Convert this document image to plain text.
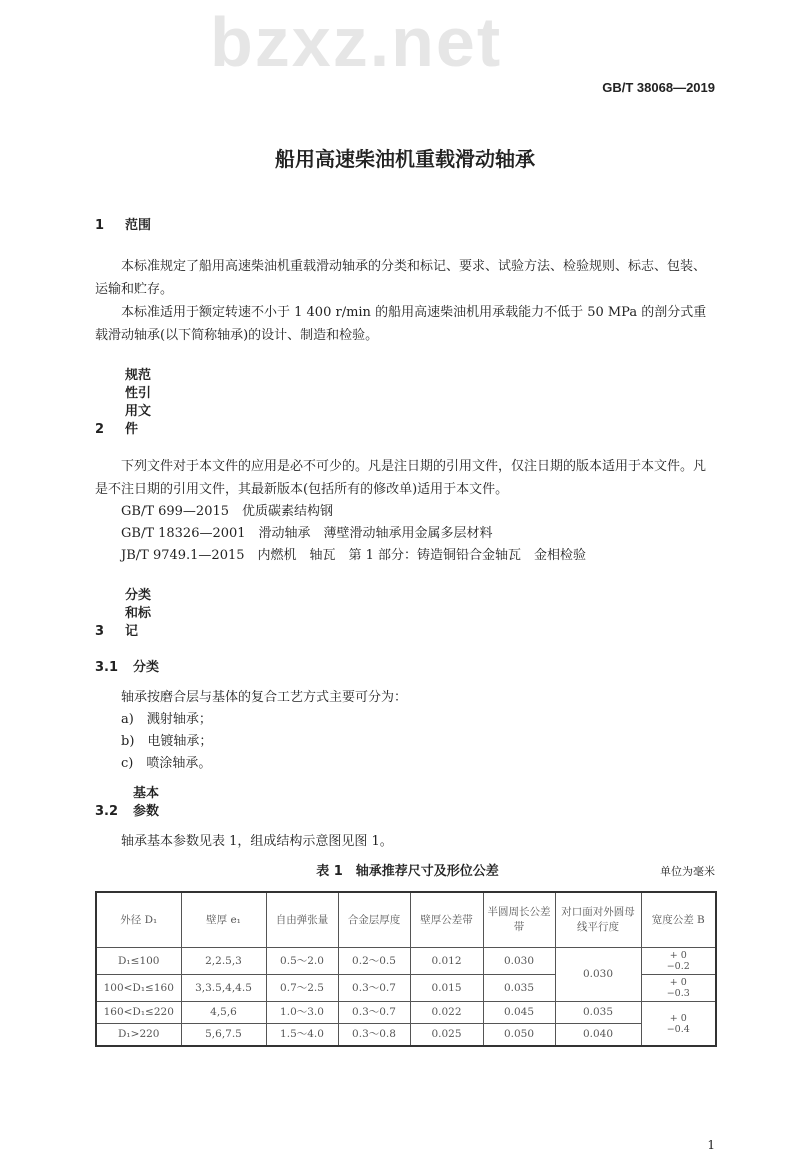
bzxz.net
GB/T 38068—2019
船用高速柴油机重载滑动轴承
1 范围
本标准规定了船用高速柴油机重载滑动轴承的分类和标记、要求、试验方法、检验规则、标志、包装、运输和贮存。
本标准适用于额定转速不小于 1 400 r/min 的船用高速柴油机用承载能力不低于 50 MPa 的剖分式重载滑动轴承(以下简称轴承)的设计、制造和检验。
2规范性引用文件
下列文件对于本文件的应用是必不可少的。凡是注日期的引用文件，仅注日期的版本适用于本文件。凡是不注日期的引用文件，其最新版本(包括所有的修改单)适用于本文件。
GB/T 699—2015　优质碳素结构钢
GB/T 18326—2001　滑动轴承　薄壁滑动轴承用金属多层材料
JB/T 9749.1—2015　内燃机　轴瓦　第 1 部分：铸造铜铅合金轴瓦　金相检验
3分类和标记
3.1 分类
轴承按磨合层与基体的复合工艺方式主要可分为：
a)　溅射轴承；
b)　电镀轴承；
c)　喷涂轴承。
3.2基本参数
轴承基本参数见表 1，组成结构示意图见图 1。
表 1　轴承推荐尺寸及形位公差	单位为毫米
外径 D₁	壁厚 e₁	自由弹张量	合金层厚度	壁厚公差带	半圆周长公差带	对口面对外圆母线平行度	宽度公差 B
D₁≤100	2,2.5,3	0.5～2.0	0.2～0.5	0.012	0.030	0.030	+ 0
−0.2
100<D₁≤160	3,3.5,4,4.5	0.7～2.5	0.3～0.7	0.015	0.035		+ 0
−0.3
160<D₁≤220	4,5,6	1.0～3.0	0.3～0.7	0.022	0.045	0.035	+ 0
−0.4
D₁>220	5,6,7.5	1.5～4.0	0.3～0.8	0.025	0.050	0.040	
1
